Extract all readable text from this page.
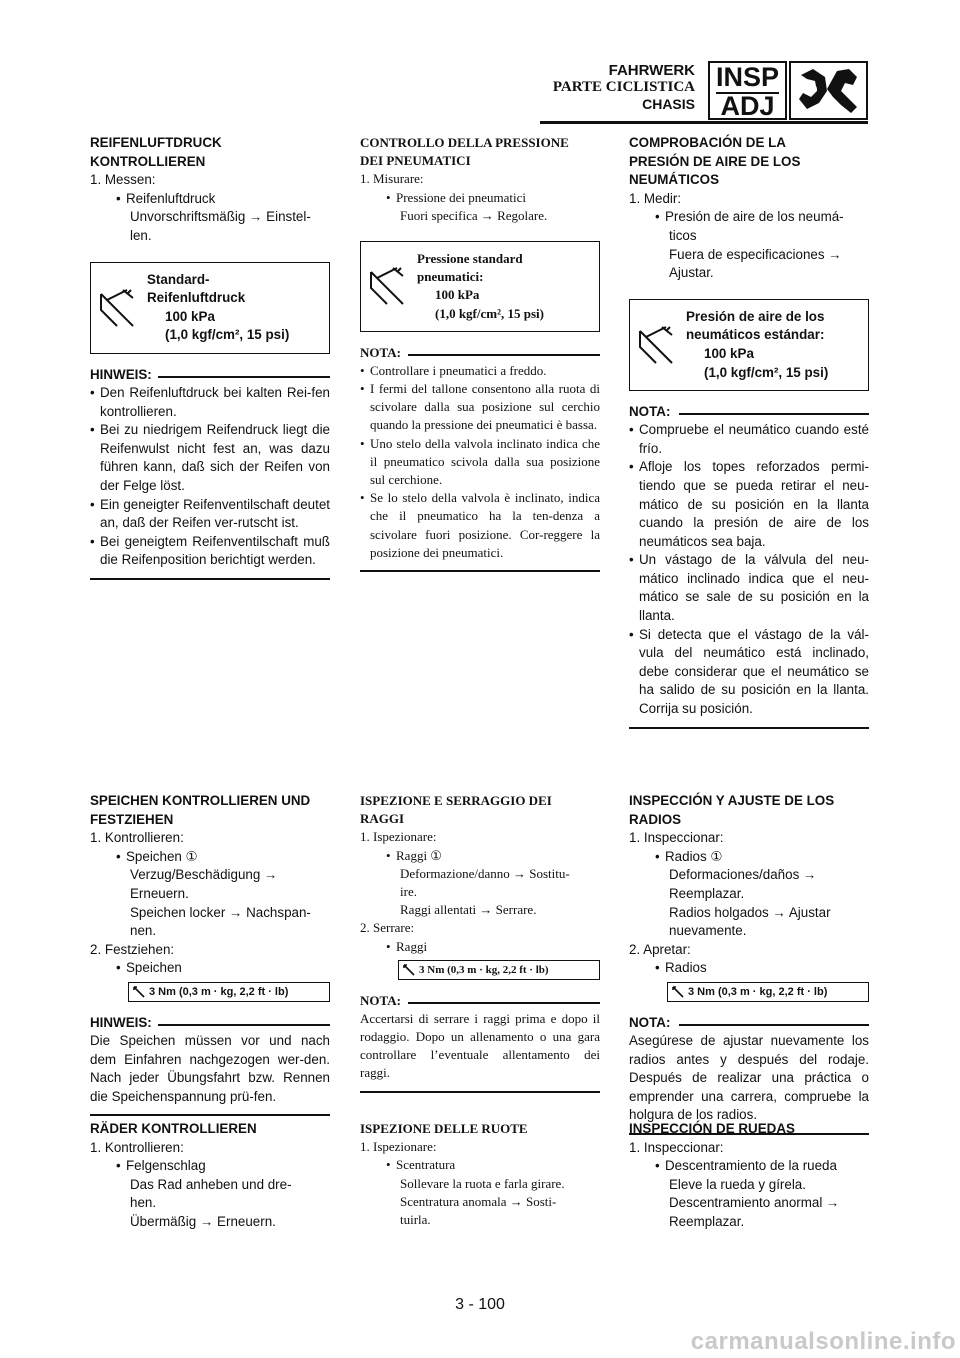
FAHRWERK
PARTE CICLISTICA
CHASIS
INSP
ADJ
REIFENLUFTDRUCK
KONTROLLIEREN
1. Messen:
• Reifenluftdruck
Unvorschriftsmäßig → Einstel-
len.
Standard-
Reifenluftdruck
100 kPa
(1,0 kgf/cm², 15 psi)
HINWEIS:
• Den Reifenluftdruck bei kalten Rei-fen kontrollieren.
• Bei zu niedrigem Reifendruck liegt die Reifenwulst nicht fest an, was dazu führen kann, daß sich der Reifen von der Felge löst.
• Ein geneigter Reifenventilschaft deutet an, daß der Reifen ver-rutscht ist.
• Bei geneigtem Reifenventilschaft muß die Reifenposition berichtigt werden.
CONTROLLO DELLA PRESSIONE
DEI PNEUMATICI
1. Misurare:
• Pressione dei pneumatici
Fuori specifica → Regolare.
Pressione standard
pneumatici:
100 kPa
(1,0 kgf/cm², 15 psi)
NOTA:
• Controllare i pneumatici a freddo.
• I fermi del tallone consentono alla ruota di scivolare dalla sua posizione sul cerchio quando la pressione dei pneumatici è bassa.
• Uno stelo della valvola inclinato indica che il pneumatico scivola dalla sua posizione sul cerchione.
• Se lo stelo della valvola è inclinato, indica che il pneumatico ha la ten-denza a scivolare fuori posizione. Cor-reggere la posizione dei pneumatici.
COMPROBACIÓN DE LA
PRESIÓN DE AIRE DE LOS
NEUMÁTICOS
1. Medir:
• Presión de aire de los neumá-
ticos
Fuera de especificaciones →
Ajustar.
Presión de aire de los
neumáticos estándar:
100 kPa
(1,0 kgf/cm², 15 psi)
NOTA:
• Compruebe el neumático cuando esté frío.
• Afloje los topes reforzados permi-tiendo que se pueda retirar el neu-mático de su posición en la llanta cuando la presión de aire de los neumáticos sea baja.
• Un vástago de la válvula del neu-mático inclinado indica que el neu-mático se sale de su posición en la llanta.
• Si detecta que el vástago de la vál-vula del neumático está inclinado, debe considerar que el neumático se ha salido de su posición en la llanta. Corrija su posición.
SPEICHEN KONTROLLIEREN UND
FESTZIEHEN
1. Kontrollieren:
• Speichen ①
Verzug/Beschädigung →
Erneuern.
Speichen locker → Nachspan-
nen.
2. Festziehen:
• Speichen
3 Nm (0,3 m · kg, 2,2 ft · lb)
HINWEIS:
Die Speichen müssen vor und nach dem Einfahren nachgezogen wer-den. Nach jeder Übungsfahrt bzw. Rennen die Speichenspannung prü-fen.
ISPEZIONE E SERRAGGIO DEI
RAGGI
1. Ispezionare:
• Raggi ①
Deformazione/danno → Sostitu-
ire.
Raggi allentati → Serrare.
2. Serrare:
• Raggi
3 Nm (0,3 m · kg, 2,2 ft · lb)
NOTA:
Accertarsi di serrare i raggi prima e dopo il rodaggio. Dopo un allenamento o una gara controllare l’eventuale allentamento dei raggi.
INSPECCIÓN Y AJUSTE DE LOS
RADIOS
1. Inspeccionar:
• Radios ①
Deformaciones/daños →
Reemplazar.
Radios holgados → Ajustar
nuevamente.
2. Apretar:
• Radios
3 Nm (0,3 m · kg, 2,2 ft · lb)
NOTA:
Asegúrese de ajustar nuevamente los radios antes y después del rodaje. Después de realizar una práctica o emprender una carrera, compruebe la holgura de los radios.
RÄDER KONTROLLIEREN
1. Kontrollieren:
• Felgenschlag
Das Rad anheben und dre-
hen.
Übermäßig → Erneuern.
ISPEZIONE DELLE RUOTE
1. Ispezionare:
• Scentratura
Sollevare la ruota e farla girare.
Scentratura anomala → Sosti-
tuirla.
INSPECCIÓN DE RUEDAS
1. Inspeccionar:
• Descentramiento de la rueda
Eleve la rueda y gírela.
Descentramiento anormal →
Reemplazar.
3 - 100
carmanualsonline.info
